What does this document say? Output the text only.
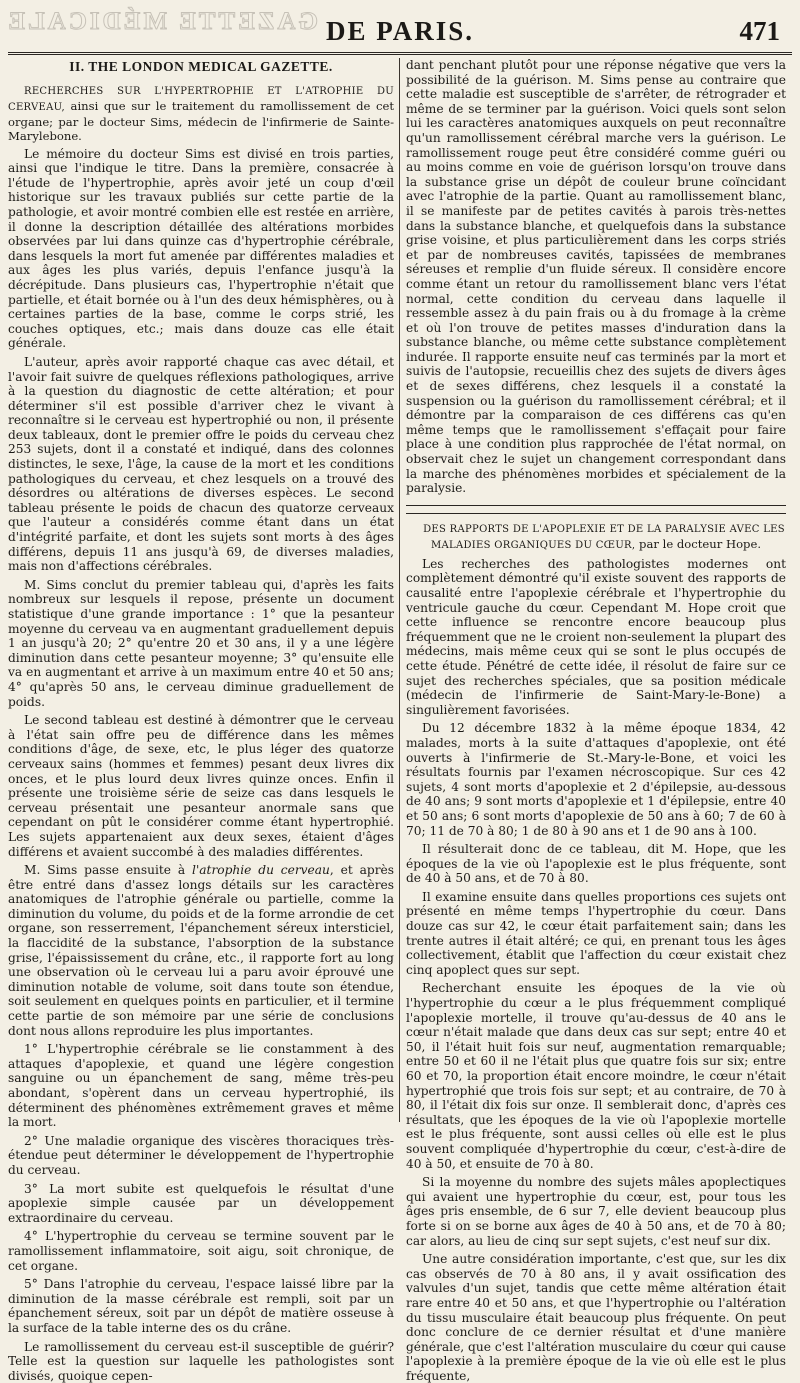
GAZETTE MÉDICALE DE PARIS.	471
II. THE LONDON MEDICAL GAZETTE.

RECHERCHES SUR L'HYPERTROPHIE ET L'ATROPHIE DU CERVEAU, ainsi que sur le traitement du ramollissement de cet organe; par le docteur Sims, médecin de l'infirmerie de Sainte-Marylebone.

Le mémoire du docteur Sims est divisé en trois parties, ainsi que l'indique le titre. Dans la première, consacrée à l'étude de l'hypertrophie, après avoir jeté un coup d'œil historique sur les travaux publiés sur cette partie de la pathologie, et avoir montré combien elle est restée en arrière, il donne la description détaillée des altérations morbides observées par lui dans quinze cas d'hypertrophie cérébrale, dans lesquels la mort fut amenée par différentes maladies et aux âges les plus variés, depuis l'enfance jusqu'à la décrépitude. Dans plusieurs cas, l'hypertrophie n'était que partielle, et était bornée ou à l'un des deux hémisphères, ou à certaines parties de la base, comme le corps strié, les couches optiques, etc.; mais dans douze cas elle était générale.

L'auteur, après avoir rapporté chaque cas avec détail, et l'avoir fait suivre de quelques réflexions pathologiques, arrive à la question du diagnostic de cette altération; et pour déterminer s'il est possible d'arriver chez le vivant à reconnaître si le cerveau est hypertrophié ou non, il présente deux tableaux, dont le premier offre le poids du cerveau chez 253 sujets, dont il a constaté et indiqué, dans des colonnes distinctes, le sexe, l'âge, la cause de la mort et les conditions pathologiques du cerveau, et chez lesquels on a trouvé des désordres ou altérations de diverses espèces. Le second tableau présente le poids de chacun des quatorze cerveaux que l'auteur a considérés comme étant dans un état d'intégrité parfaite, et dont les sujets sont morts à des âges différens, depuis 11 ans jusqu'à 69, de diverses maladies, mais non d'affections cérébrales.

M. Sims conclut du premier tableau qui, d'après les faits nombreux sur lesquels il repose, présente un document statistique d'une grande importance : 1° que la pesanteur moyenne du cerveau va en augmentant graduellement depuis 1 an jusqu'à 20; 2° qu'entre 20 et 30 ans, il y a une légère diminution dans cette pesanteur moyenne; 3° qu'ensuite elle va en augmentant et arrive à un maximum entre 40 et 50 ans; 4° qu'après 50 ans, le cerveau diminue graduellement de poids.

Le second tableau est destiné à démontrer que le cerveau à l'état sain offre peu de différence dans les mêmes conditions d'âge, de sexe, etc, le plus léger des quatorze cerveaux sains (hommes et femmes) pesant deux livres dix onces, et le plus lourd deux livres quinze onces. Enfin il présente une troisième série de seize cas dans lesquels le cerveau présentait une pesanteur anormale sans que cependant on pût le considérer comme étant hypertrophié. Les sujets appartenaient aux deux sexes, étaient d'âges différens et avaient succombé à des maladies différentes.

M. Sims passe ensuite à l'atrophie du cerveau, et après être entré dans d'assez longs détails sur les caractères anatomiques de l'atrophie générale ou partielle, comme la diminution du volume, du poids et de la forme arrondie de cet organe, son resserrement, l'épanchement séreux intersticiel, la flaccidité de la substance, l'absorption de la substance grise, l'épaississement du crâne, etc., il rapporte fort au long une observation où le cerveau lui a paru avoir éprouvé une diminution notable de volume, soit dans toute son étendue, soit seulement en quelques points en particulier, et il termine cette partie de son mémoire par une série de conclusions dont nous allons reproduire les plus importantes.

1° L'hypertrophie cérébrale se lie constamment à des attaques d'apoplexie, et quand une légère congestion sanguine ou un épanchement de sang, même très-peu abondant, s'opèrent dans un cerveau hypertrophié, ils déterminent des phénomènes extrêmement graves et même la mort.

2° Une maladie organique des viscères thoraciques très-étendue peut déterminer le développement de l'hypertrophie du cerveau.

3° La mort subite est quelquefois le résultat d'une apoplexie simple causée par un développement extraordinaire du cerveau.

4° L'hypertrophie du cerveau se termine souvent par le ramollissement inflammatoire, soit aigu, soit chronique, de cet organe.

5° Dans l'atrophie du cerveau, l'espace laissé libre par la diminution de la masse cérébrale est rempli, soit par un épanchement séreux, soit par un dépôt de matière osseuse à la surface de la table interne des os du crâne.

Le ramollissement du cerveau est-il susceptible de guérir? Telle est la question sur laquelle les pathologistes sont divisés, quoique cepen-

dant penchant plutôt pour une réponse négative que vers la possibilité de la guérison. M. Sims pense au contraire que cette maladie est susceptible de s'arrêter, de rétrograder et même de se terminer par la guérison. Voici quels sont selon lui les caractères anatomiques auxquels on peut reconnaître qu'un ramollissement cérébral marche vers la guérison. Le ramollissement rouge peut être considéré comme guéri ou au moins comme en voie de guérison lorsqu'on trouve dans la substance grise un dépôt de couleur brune coïncidant avec l'atrophie de la partie. Quant au ramollissement blanc, il se manifeste par de petites cavités à parois très-nettes dans la substance blanche, et quelquefois dans la substance grise voisine, et plus particulièrement dans les corps striés et par de nombreuses cavités, tapissées de membranes séreuses et remplie d'un fluide séreux. Il considère encore comme étant un retour du ramollissement blanc vers l'état normal, cette condition du cerveau dans laquelle il ressemble assez à du pain frais ou à du fromage à la crème et où l'on trouve de petites masses d'induration dans la substance blanche, ou même cette substance complètement indurée. Il rapporte ensuite neuf cas terminés par la mort et suivis de l'autopsie, recueillis chez des sujets de divers âges et de sexes différens, chez lesquels il a constaté la suspension ou la guérison du ramollissement cérébral; et il démontre par la comparaison de ces différens cas qu'en même temps que le ramollissement s'effaçait pour faire place à une condition plus rapprochée de l'état normal, on observait chez le sujet un changement correspondant dans la marche des phénomènes morbides et spécialement de la paralysie.

DES RAPPORTS DE L'APOPLEXIE ET DE LA PARALYSIE AVEC LES MALADIES ORGANIQUES DU CŒUR, par le docteur Hope.

Les recherches des pathologistes modernes ont complètement démontré qu'il existe souvent des rapports de causalité entre l'apoplexie cérébrale et l'hypertrophie du ventricule gauche du cœur. Cependant M. Hope croit que cette influence se rencontre encore beaucoup plus fréquemment que ne le croient non-seulement la plupart des médecins, mais même ceux qui se sont le plus occupés de cette étude. Pénétré de cette idée, il résolut de faire sur ce sujet des recherches spéciales, que sa position médicale (médecin de l'infirmerie de Saint-Mary-le-Bone) a singulièrement favorisées.

Du 12 décembre 1832 à la même époque 1834, 42 malades, morts à la suite d'attaques d'apoplexie, ont été ouverts à l'infirmerie de St.-Mary-le-Bone, et voici les résultats fournis par l'examen nécroscopique. Sur ces 42 sujets, 4 sont morts d'apoplexie et 2 d'épilepsie, au-dessous de 40 ans; 9 sont morts d'apoplexie et 1 d'épilepsie, entre 40 et 50 ans; 6 sont morts d'apoplexie de 50 ans à 60; 7 de 60 à 70; 11 de 70 à 80; 1 de 80 à 90 ans et 1 de 90 ans à 100.

Il résulterait donc de ce tableau, dit M. Hope, que les époques de la vie où l'apoplexie est le plus fréquente, sont de 40 à 50 ans, et de 70 à 80.

Il examine ensuite dans quelles proportions ces sujets ont présenté en même temps l'hypertrophie du cœur. Dans douze cas sur 42, le cœur était parfaitement sain; dans les trente autres il était altéré; ce qui, en prenant tous les âges collectivement, établit que l'affection du cœur existait chez cinq apoplect ques sur sept.

Recherchant ensuite les époques de la vie où l'hypertrophie du cœur a le plus fréquemment compliqué l'apoplexie mortelle, il trouve qu'au-dessus de 40 ans le cœur n'était malade que dans deux cas sur sept; entre 40 et 50, il l'était huit fois sur neuf, augmentation remarquable; entre 50 et 60 il ne l'était plus que quatre fois sur six; entre 60 et 70, la proportion était encore moindre, le cœur n'était hypertrophié que trois fois sur sept; et au contraire, de 70 à 80, il l'était dix fois sur onze. Il semblerait donc, d'après ces résultats, que les époques de la vie où l'apoplexie mortelle est le plus fréquente, sont aussi celles où elle est le plus souvent compliquée d'hypertrophie du cœur, c'est-à-dire de 40 à 50, et ensuite de 70 à 80.

Si la moyenne du nombre des sujets mâles apoplectiques qui avaient une hypertrophie du cœur, est, pour tous les âges pris ensemble, de 6 sur 7, elle devient beaucoup plus forte si on se borne aux âges de 40 à 50 ans, et de 70 à 80; car alors, au lieu de cinq sur sept sujets, c'est neuf sur dix.

Une autre considération importante, c'est que, sur les dix cas observés de 70 à 80 ans, il y avait ossification des valvules d'un sujet, tandis que cette même altération était rare entre 40 et 50 ans, et que l'hypertrophie ou l'altération du tissu musculaire était beaucoup plus fréquente. On peut donc conclure de ce dernier résultat et d'une manière générale, que c'est l'altération musculaire du cœur qui cause l'apoplexie à la première époque de la vie où elle est le plus fréquente,
